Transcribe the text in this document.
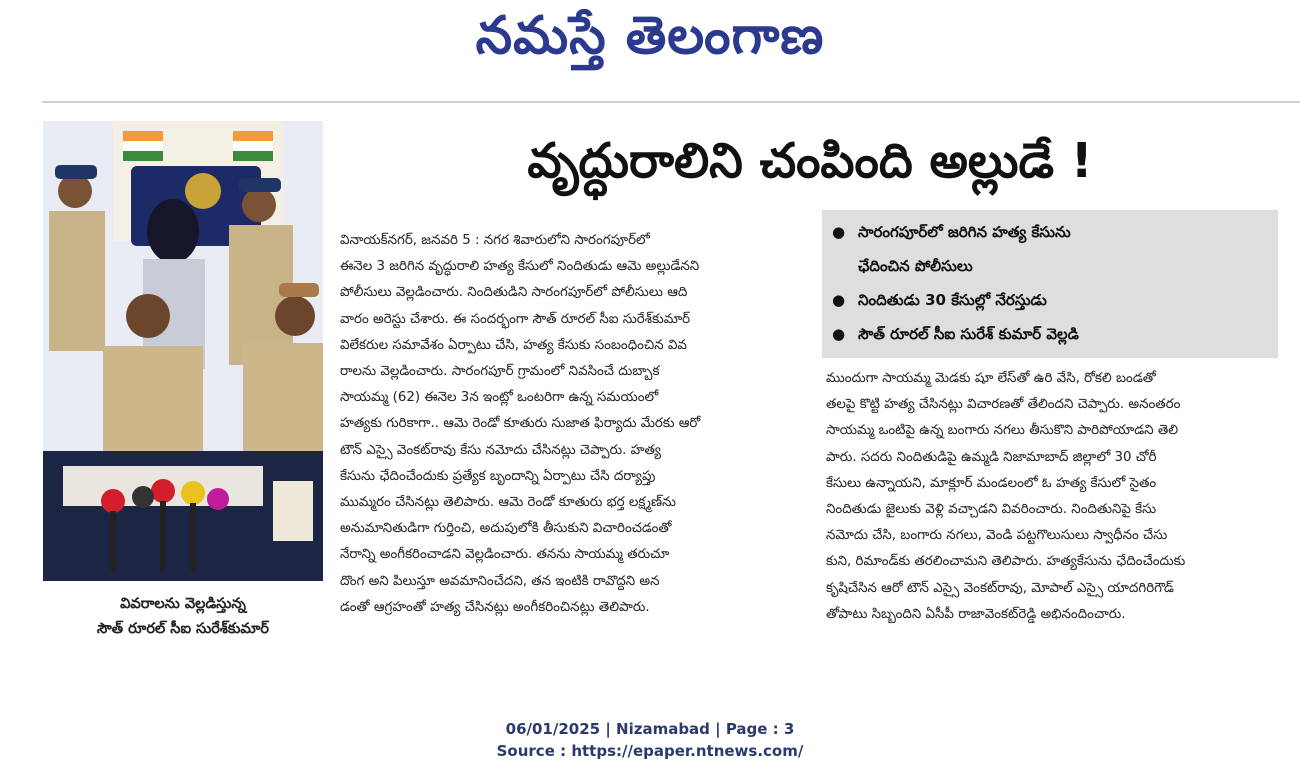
నమస్తే తెలంగాణ
వివరాలను వెల్లడిస్తున్న
సౌత్ రూరల్ సీఐ సురేశ్‌కుమార్
వృద్ధురాలిని చంపింది అల్లుడే !
వినాయక్‌నగర్, జనవరి 5 : నగర శివారులోని సారంగపూర్‌లో
ఈనెల 3 జరిగిన వృద్ధురాలి హత్య కేసులో నిందితుడు ఆమె అల్లుడేనని
పోలీసులు వెల్లడించారు. నిందితుడిని సారంగపూర్‌లో పోలీసులు ఆది
వారం అరెస్టు చేశారు. ఈ సందర్భంగా సౌత్ రూరల్ సీఐ సురేశ్‌కుమార్
విలేకరుల సమావేశం ఏర్పాటు చేసి, హత్య కేసుకు సంబంధించిన వివ
రాలను వెల్లడించారు. సారంగపూర్ గ్రామంలో నివసించే దుబ్బాక
సాయమ్మ (62) ఈనెల 3న ఇంట్లో ఒంటరిగా ఉన్న సమయంలో
హత్యకు గురికాగా.. ఆమె రెండో కూతురు సుజాత ఫిర్యాదు మేరకు ఆరో
టౌన్ ఎస్సై వెంకట్‌రావు కేసు నమోదు చేసినట్లు చెప్పారు. హత్య
కేసును ఛేదించేందుకు ప్రత్యేక బృందాన్ని ఏర్పాటు చేసి దర్యాప్తు
ముమ్మరం చేసినట్లు తెలిపారు. ఆమె రెండో కూతురు భర్త లక్ష్మణ్‌ను
అనుమానితుడిగా గుర్తించి, అదుపులోకి తీసుకుని విచారించడంతో
నేరాన్ని అంగీకరించాడని వెల్లడించారు. తనను సాయమ్మ తరుచూ
దొంగ అని పిలుస్తూ అవమానించేదని, తన ఇంటికి రావొద్దని అన
డంతో ఆగ్రహంతో హత్య చేసినట్లు అంగీకరించినట్లు తెలిపారు.
● సారంగపూర్‌లో జరిగిన హత్య కేసును
ఛేదించిన పోలీసులు
● నిందితుడు 30 కేసుల్లో నేరస్తుడు
● సౌత్ రూరల్ సీఐ సురేశ్ కుమార్ వెల్లడి
ముందుగా సాయమ్మ మెడకు షూ లేస్‌తో ఉరి వేసి, రోకలి బండతో
తలపై కొట్టి హత్య చేసినట్లు విచారణతో తేలిందని చెప్పారు. అనంతరం
సాయమ్మ ఒంటిపై ఉన్న బంగారు నగలు తీసుకొని పారిపోయాడని తెలి
పారు. సదరు నిందితుడిపై ఉమ్మడి నిజామాబాద్ జిల్లాలో 30 చోరీ
కేసులు ఉన్నాయని, మాక్లూర్ మండలంలో ఓ హత్య కేసులో సైతం
నిందితుడు జైలుకు వెళ్లి వచ్చాడని వివరించారు. నిందితునిపై కేసు
నమోదు చేసి, బంగారు నగలు, వెండి పట్టగొలుసులు స్వాధీనం చేసు
కుని, రిమాండ్‌కు తరలించామని తెలిపారు. హత్యకేసును ఛేదించేందుకు
కృషిచేసిన ఆరో టౌన్ ఎస్సై వెంకట్‌రావు, మోపాల్ ఎస్సై యాదగిరిగౌడ్
తోపాటు సిబ్బందిని ఏసీపీ రాజావెంకట్‌రెడ్డి అభినందించారు.
06/01/2025 | Nizamabad | Page : 3
Source : https://epaper.ntnews.com/
